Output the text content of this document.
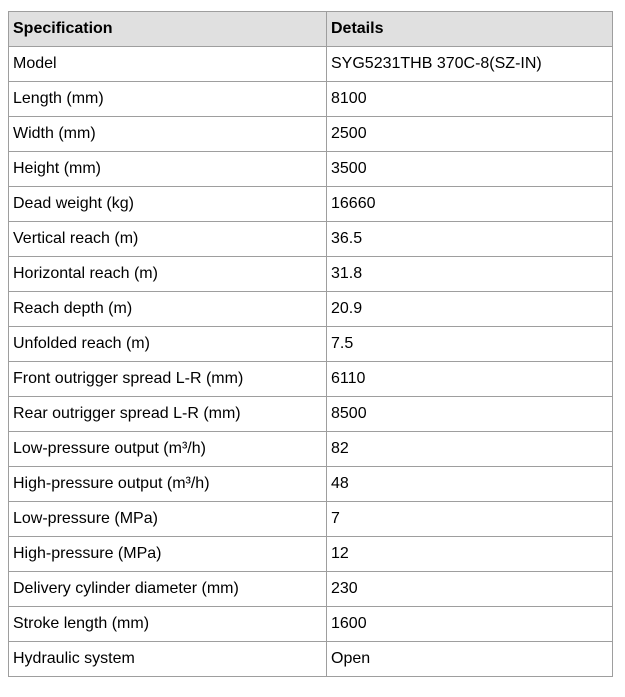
Specification	Details
Model	SYG5231THB 370C-8(SZ-IN)
Length (mm)	8100
Width (mm)	2500
Height (mm)	3500
Dead weight (kg)	16660
Vertical reach (m)	36.5
Horizontal reach (m)	31.8
Reach depth (m)	20.9
Unfolded reach (m)	7.5
Front outrigger spread L-R (mm)	6110
Rear outrigger spread L-R (mm)	8500
Low-pressure output (m³/h)	82
High-pressure output (m³/h)	48
Low-pressure (MPa)	7
High-pressure (MPa)	12
Delivery cylinder diameter (mm)	230
Stroke length (mm)	1600
Hydraulic system	Open
